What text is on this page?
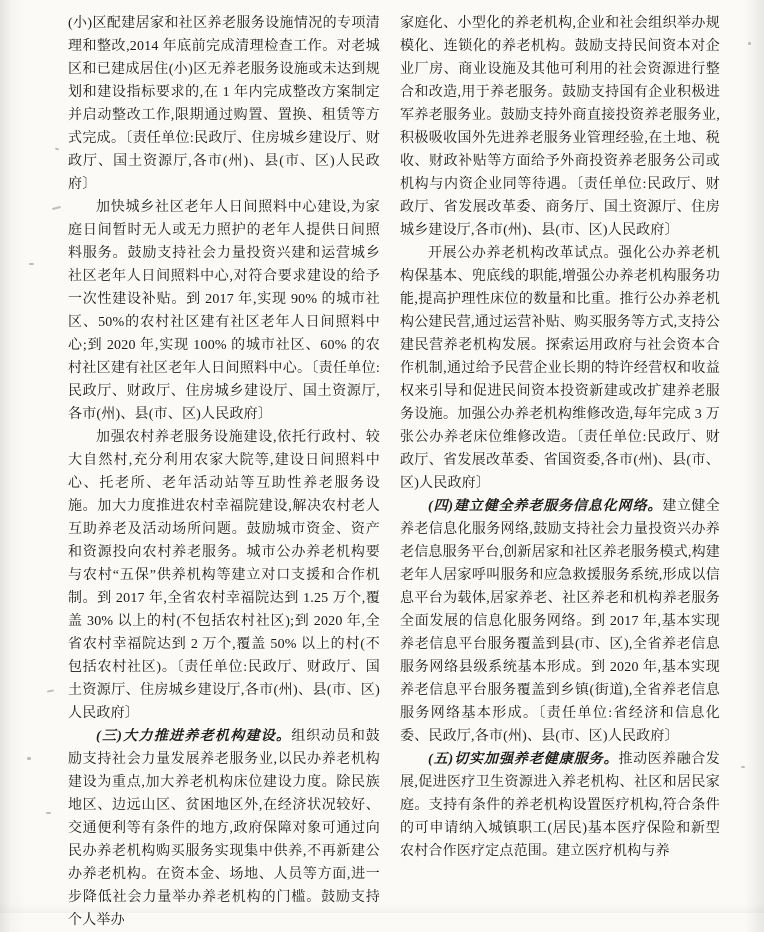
(小)区配建居家和社区养老服务设施情况的专项清理和整改,2014 年底前完成清理检查工作。对老城区和已建成居住(小)区无养老服务设施或未达到规划和建设指标要求的,在 1 年内完成整改方案制定并启动整改工作,限期通过购置、置换、租赁等方式完成。〔责任单位:民政厅、住房城乡建设厅、财政厅、国土资源厅,各市(州)、县(市、区)人民政府〕

加快城乡社区老年人日间照料中心建设,为家庭日间暂时无人或无力照护的老年人提供日间照料服务。鼓励支持社会力量投资兴建和运营城乡社区老年人日间照料中心,对符合要求建设的给予一次性建设补贴。到 2017 年,实现 90% 的城市社区、50%的农村社区建有社区老年人日间照料中心;到 2020 年,实现 100% 的城市社区、60% 的农村社区建有社区老年人日间照料中心。〔责任单位:民政厅、财政厅、住房城乡建设厅、国土资源厅,各市(州)、县(市、区)人民政府〕

加强农村养老服务设施建设,依托行政村、较大自然村,充分利用农家大院等,建设日间照料中心、托老所、老年活动站等互助性养老服务设施。加大力度推进农村幸福院建设,解决农村老人互助养老及活动场所问题。鼓励城市资金、资产和资源投向农村养老服务。城市公办养老机构要与农村“五保”供养机构等建立对口支援和合作机制。到 2017 年,全省农村幸福院达到 1.25 万个,覆盖 30% 以上的村(不包括农村社区);到 2020 年,全省农村幸福院达到 2 万个,覆盖 50% 以上的村(不包括农村社区)。〔责任单位:民政厅、财政厅、国土资源厅、住房城乡建设厅,各市(州)、县(市、区)人民政府〕

(三)大力推进养老机构建设。组织动员和鼓励支持社会力量发展养老服务业,以民办养老机构建设为重点,加大养老机构床位建设力度。除民族地区、边远山区、贫困地区外,在经济状况较好、交通便利等有条件的地方,政府保障对象可通过向民办养老机构购买服务实现集中供养,不再新建公办养老机构。在资本金、场地、人员等方面,进一步降低社会力量举办养老机构的门槛。鼓励支持个人举办

家庭化、小型化的养老机构,企业和社会组织举办规模化、连锁化的养老机构。鼓励支持民间资本对企业厂房、商业设施及其他可利用的社会资源进行整合和改造,用于养老服务。鼓励支持国有企业积极进军养老服务业。鼓励支持外商直接投资养老服务业,积极吸收国外先进养老服务业管理经验,在土地、税收、财政补贴等方面给予外商投资养老服务公司或机构与内资企业同等待遇。〔责任单位:民政厅、财政厅、省发展改革委、商务厅、国土资源厅、住房城乡建设厅,各市(州)、县(市、区)人民政府〕

开展公办养老机构改革试点。强化公办养老机构保基本、兜底线的职能,增强公办养老机构服务功能,提高护理性床位的数量和比重。推行公办养老机构公建民营,通过运营补贴、购买服务等方式,支持公建民营养老机构发展。探索运用政府与社会资本合作机制,通过给予民营企业长期的特许经营权和收益权来引导和促进民间资本投资新建或改扩建养老服务设施。加强公办养老机构维修改造,每年完成 3 万张公办养老床位维修改造。〔责任单位:民政厅、财政厅、省发展改革委、省国资委,各市(州)、县(市、区)人民政府〕

(四)建立健全养老服务信息化网络。建立健全养老信息化服务网络,鼓励支持社会力量投资兴办养老信息服务平台,创新居家和社区养老服务模式,构建老年人居家呼叫服务和应急救援服务系统,形成以信息平台为载体,居家养老、社区养老和机构养老服务全面发展的信息化服务网络。到 2017 年,基本实现养老信息平台服务覆盖到县(市、区),全省养老信息服务网络县级系统基本形成。到 2020 年,基本实现养老信息平台服务覆盖到乡镇(街道),全省养老信息服务网络基本形成。〔责任单位:省经济和信息化委、民政厅,各市(州)、县(市、区)人民政府〕

(五)切实加强养老健康服务。推动医养融合发展,促进医疗卫生资源进入养老机构、社区和居民家庭。支持有条件的养老机构设置医疗机构,符合条件的可申请纳入城镇职工(居民)基本医疗保险和新型农村合作医疗定点范围。建立医疗机构与养
